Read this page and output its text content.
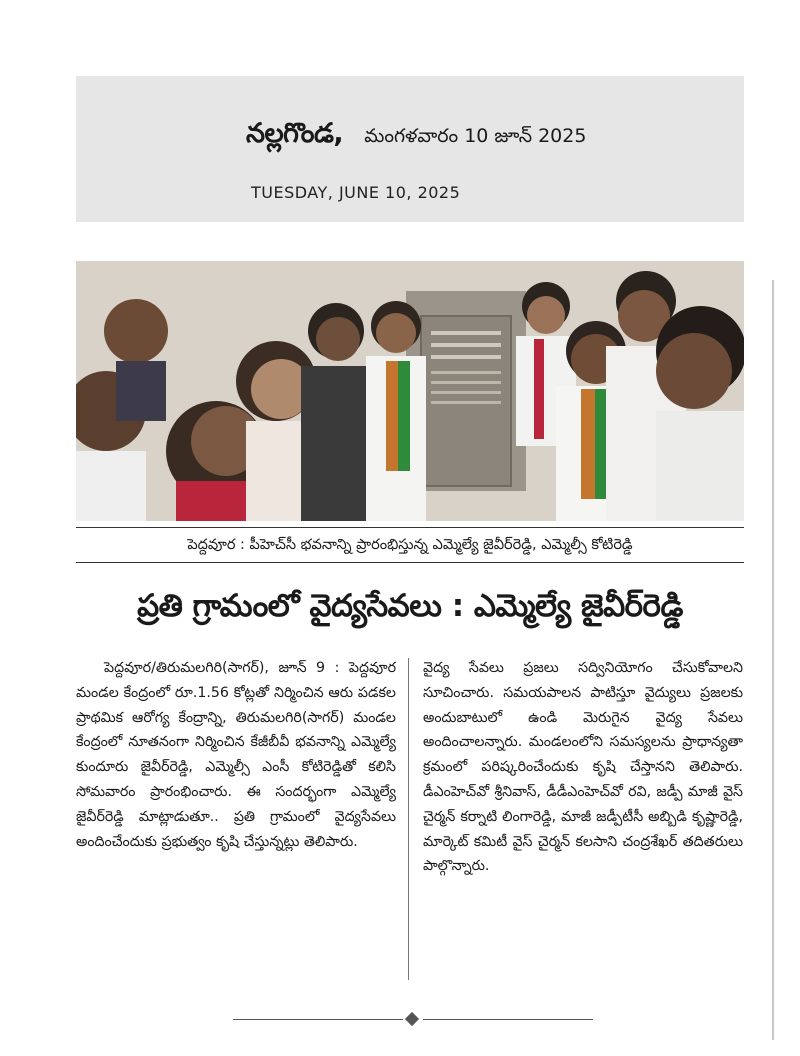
నల్లగొండ, మంగళవారం 10 జూన్ 2025
TUESDAY, JUNE 10, 2025
పెద్దవూర : పీహెచ్‌సీ భవనాన్ని ప్రారంభిస్తున్న ఎమ్మెల్యే జైవీర్‌రెడ్డి, ఎమ్మెల్సీ కోటిరెడ్డి
ప్రతి గ్రామంలో వైద్యసేవలు : ఎమ్మెల్యే జైవీర్‌రెడ్డి
పెద్దవూర/తిరుమలగిరి(సాగర్), జూన్ 9 : పెద్దవూర మండల కేంద్రంలో రూ.1.56 కోట్లతో నిర్మించిన ఆరు పడకల ప్రాథమిక ఆరోగ్య కేంద్రాన్ని, తిరుమలగిరి(సాగర్) మండల కేంద్రంలో నూతనంగా నిర్మించిన కేజీబీవీ భవనాన్ని ఎమ్మెల్యే కుందూరు జైవీర్‌రెడ్డి, ఎమ్మెల్సీ ఎంసీ కోటిరెడ్డితో కలిసి సోమవారం ప్రారంభించారు. ఈ సందర్భంగా ఎమ్మెల్యే జైవీర్‌రెడ్డి మాట్లాడుతూ.. ప్రతి గ్రామంలో వైద్యసేవలు అందించేందుకు ప్రభుత్వం కృషి చేస్తున్నట్లు తెలిపారు.
వైద్య సేవలు ప్రజలు సద్వినియోగం చేసుకోవాలని సూచించారు. సమయపాలన పాటిస్తూ వైద్యులు ప్రజలకు అందుబాటులో ఉండి మెరుగైన వైద్య సేవలు అందించాలన్నారు. మండలంలోని సమస్యలను ప్రాధాన్యతా క్రమంలో పరిష్కరించేందుకు కృషి చేస్తానని తెలిపారు. డీఎంహెచ్‌వో శ్రీనివాస్, డీడీఎంహెచ్‌వో రవి, జడ్పీ మాజీ వైస్ చైర్మన్ కర్నాటి లింగారెడ్డి, మాజీ జడ్పీటీసీ అబ్బిడి కృష్ణారెడ్డి, మార్కెట్ కమిటీ వైస్ చైర్మన్ కలసాని చంద్రశేఖర్ తదితరులు పాల్గొన్నారు.
